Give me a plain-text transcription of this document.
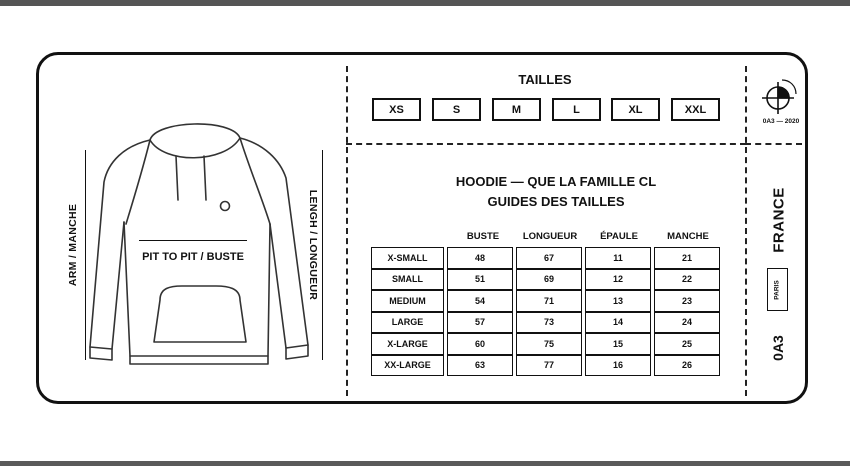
ARM / MANCHE	LENGH / LONGUEUR
PIT TO PIT / BUSTE
TAILLES
XS	S	M	L	XL	XXL
HOODIE — QUE LA FAMILLE CL
GUIDES DES TAILLES
BUSTE	LONGUEUR	ÉPAULE	MANCHE
X-SMALL		48		67		11		21
SMALL		51		69		12		22
MEDIUM		54		71		13		23
LARGE		57		73		14		24
X-LARGE		60		75		15		25
XX-LARGE		63		77		16		26
0A3 — 2020
FRANCE
PARIS
0A3
